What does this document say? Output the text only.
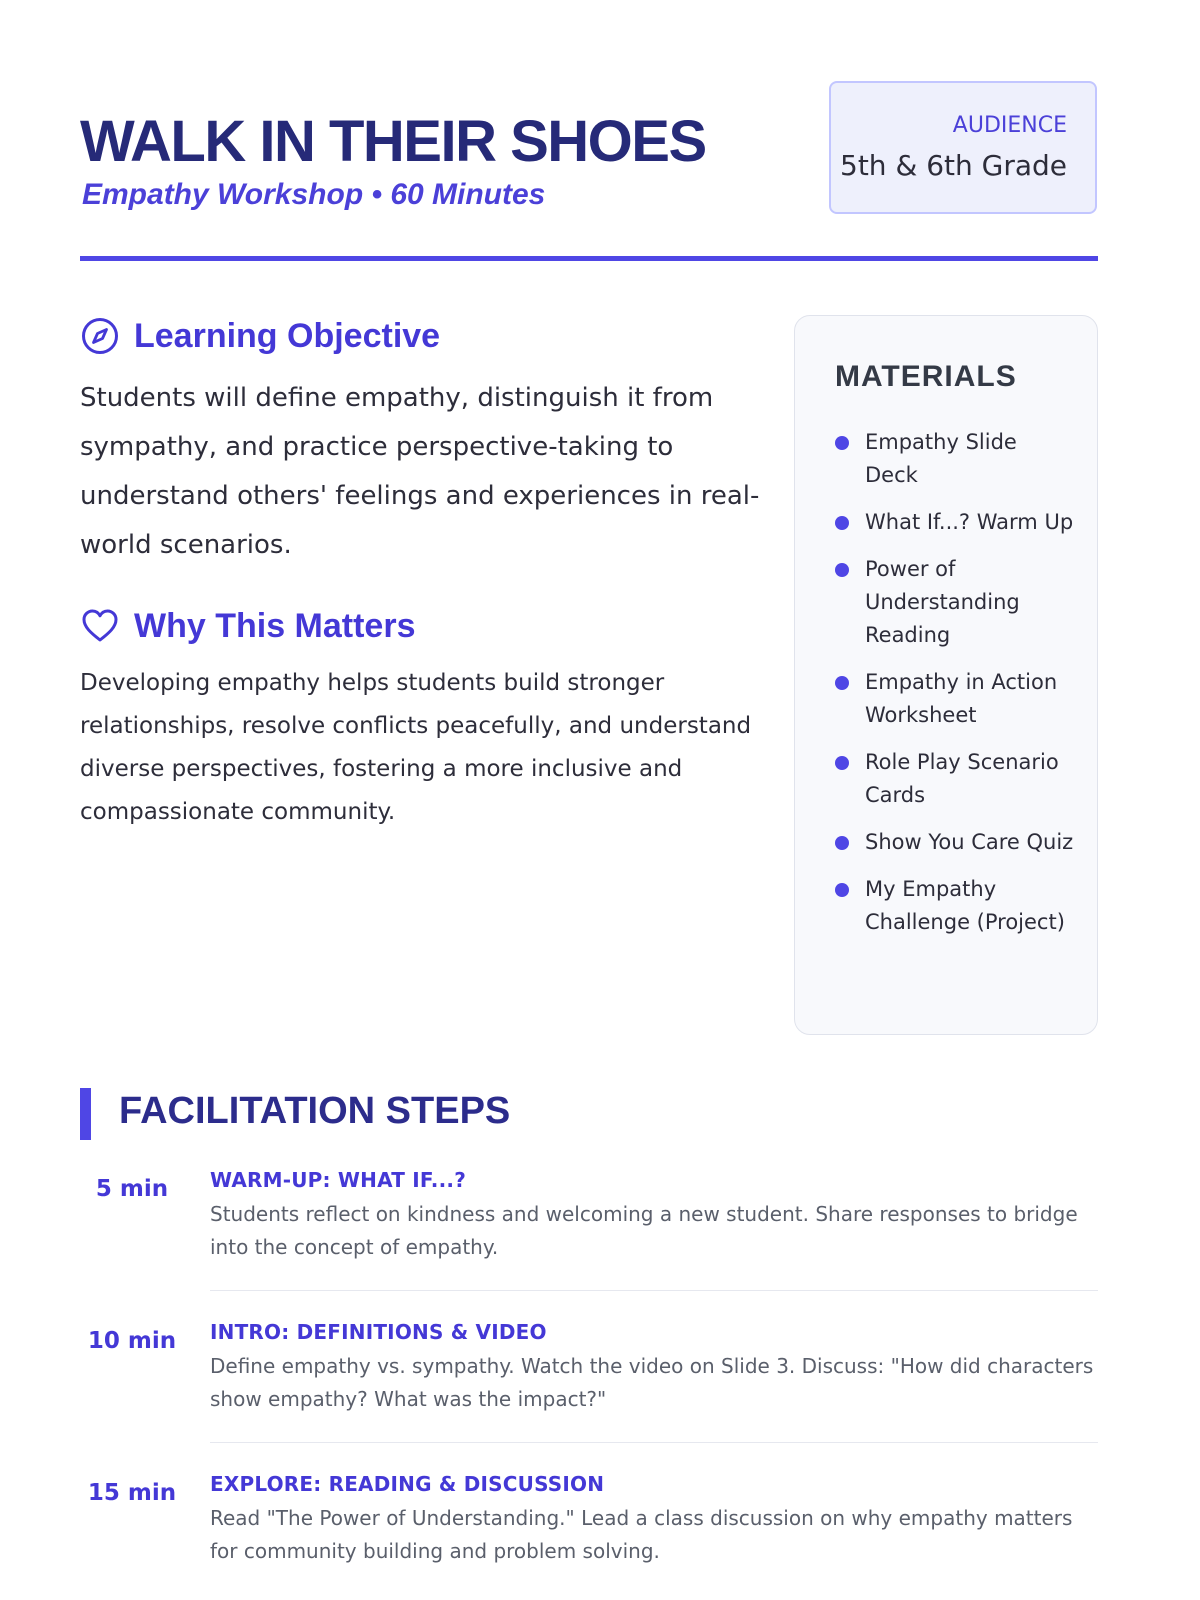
WALK IN THEIR SHOES
Empathy Workshop • 60 Minutes
AUDIENCE
5th & 6th Grade
Learning Objective

Students will define empathy, distinguish it from sympathy, and practice perspective-taking to understand others' feelings and experiences in real-world scenarios.

Why This Matters

Developing empathy helps students build stronger relationships, resolve conflicts peacefully, and understand diverse perspectives, fostering a more inclusive and compassionate community.

MATERIALS
Empathy Slide Deck
What If...? Warm Up
Power of Understanding Reading
Empathy in Action Worksheet
Role Play Scenario Cards
Show You Care Quiz
My Empathy Challenge (Project)
FACILITATION STEPS
5 min	WARM-UP: WHAT IF...?
Students reflect on kindness and welcoming a new student. Share responses to bridge into the concept of empathy.
10 min	INTRO: DEFINITIONS & VIDEO
Define empathy vs. sympathy. Watch the video on Slide 3. Discuss: "How did characters show empathy? What was the impact?"
15 min	EXPLORE: READING & DISCUSSION
Read "The Power of Understanding." Lead a class discussion on why empathy matters for community building and problem solving.
